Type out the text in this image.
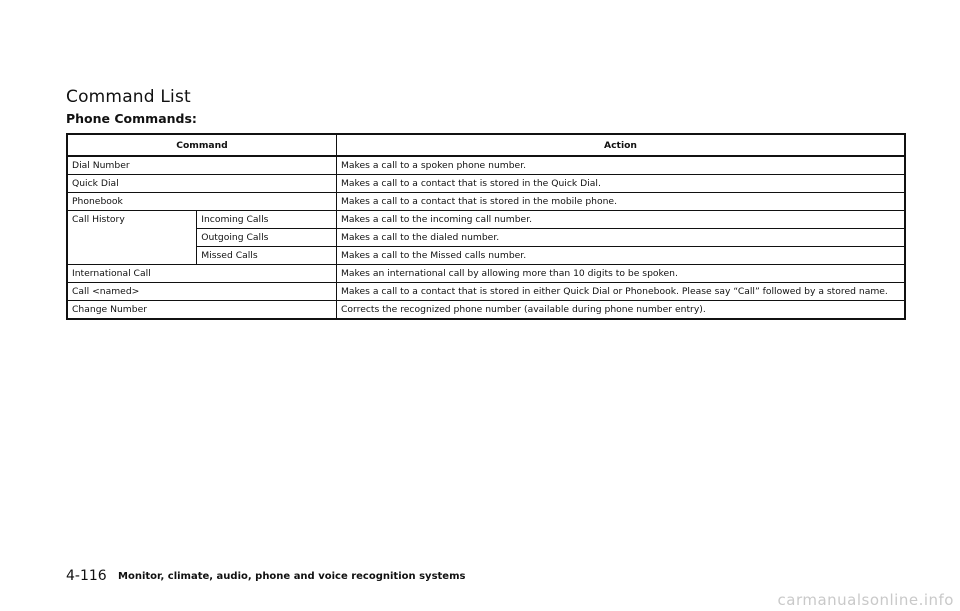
Command List
Phone Commands:
Command		Action
Dial Number		Makes a call to a spoken phone number.
Quick Dial		Makes a call to a contact that is stored in the Quick Dial.
Phonebook		Makes a call to a contact that is stored in the mobile phone.
Call History	Incoming Calls	Makes a call to the incoming call number.
	Outgoing Calls	Makes a call to the dialed number.
	Missed Calls	Makes a call to the Missed calls number.
International Call		Makes an international call by allowing more than 10 digits to be spoken.
Call <named>		Makes a call to a contact that is stored in either Quick Dial or Phonebook. Please say “Call” followed by a stored name.
Change Number		Corrects the recognized phone number (available during phone number entry).
4-116 Monitor, climate, audio, phone and voice recognition systems
carmanualsonline.info
